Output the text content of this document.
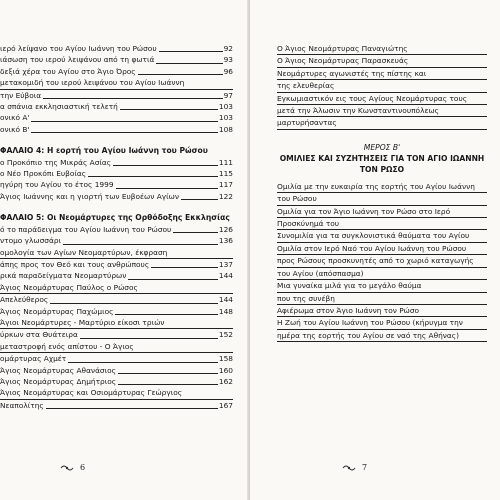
ιερό λείψανο του Αγίου Ιωάννη του Ρώσου	92
ιάσωση του ιερού λειψάνου από τη φωτιά	93
δεξιά χέρα του Αγίου στο Άγιο Όρος	96
μετακομιδή του ιερού λειψάνου του Αγίου Ιωάννη
την Εύβοια	97
α σπάνια εκκλησιαστική τελετή	103
ονικό Α'	103
ονικό Β'	108
ΦΑΛΑΙΟ 4: Η εορτή του Αγίου Ιωάννη του Ρώσου
ο Προκόπιο της Μικράς Ασίας	111
ο Νέο Προκόπι Ευβοίας	115
ηγύρη του Αγίου το έτος 1999	117
Άγιος Ιωάννης και η γιορτή των Ευβοέων Αγίων	122
ΦΑΛΑΙΟ 5: Οι Νεομάρτυρες της Ορθόδοξης Εκκλησίας
ό το παράδειγμα του Αγίου Ιωάννη του Ρώσου	126
ντομο γλωσσάρι	136
ομολογία των Αγίων Νεομαρτύρων, έκφραση
άπης προς τον Θεό και τους ανθρώπους	137
ρικά παραδείγματα Νεομαρτύρων	144
Άγιος Νεομάρτυρας Παύλος ο Ρώσος
Απελεύθερος	144
Άγιος Νεομάρτυρας Παχώμιος	148
Άγιοι Νεομάρτυρες - Μαρτύριο είκοσι τριών
ύρκων στα Θυάτειρα	152
μεταστροφή ενός απίστου - Ο Άγιος
ομάρτυρας Αχμέτ	158
Άγιος Νεομάρτυρας Αθανάσιος	160
Άγιος Νεομάρτυρας Δημήτριος	162
Άγιος Νεομάρτυρας και Οσιομάρτυρας Γεώργιος
Νεαπολίτης	167
6
Ο Άγιος Νεομάρτυρας Παναγιώτης
Ο Άγιος Νεομάρτυρας Παρασκευάς
Νεομάρτυρες αγωνιστές της πίστης και
της ελευθερίας
Εγκωμιαστικόν εις τους Αγίους Νεομάρτυρας τους
μετά την Άλωσιν την Κωνσταντινουπόλεως
μαρτυρήσαντας
ΜΕΡΟΣ Β'
ΟΜΙΛΙΕΣ ΚΑΙ ΣΥΖΗΤΗΣΕΙΣ ΓΙΑ ΤΟΝ ΑΓΙΟ ΙΩΑΝΝΗ
ΤΟΝ ΡΩΣΟ
Ομιλία με την ευκαιρία της εορτής του Αγίου Ιωάννη
του Ρώσου
Ομιλία για τον Άγιο Ιωάννη τον Ρώσο στο Ιερό
Προσκύνημά του
Συνομιλία για τα συγκλονιστικά θαύματα του Αγίου
Ομιλία στον Ιερό Ναό του Αγίου Ιωάννη του Ρώσου
προς Ρώσους προσκυνητές από το χωριό καταγωγής
του Αγίου (απόσπασμα)
Μια γυναίκα μιλά για το μεγάλο θαύμα
που της συνέβη
Αφιέρωμα στον Άγιο Ιωάννη τον Ρώσο
Η Ζωή του Αγίου Ιωάννη του Ρώσου (κήρυγμα την
ημέρα της εορτής του Αγίου σε ναό της Αθήνας)
7
